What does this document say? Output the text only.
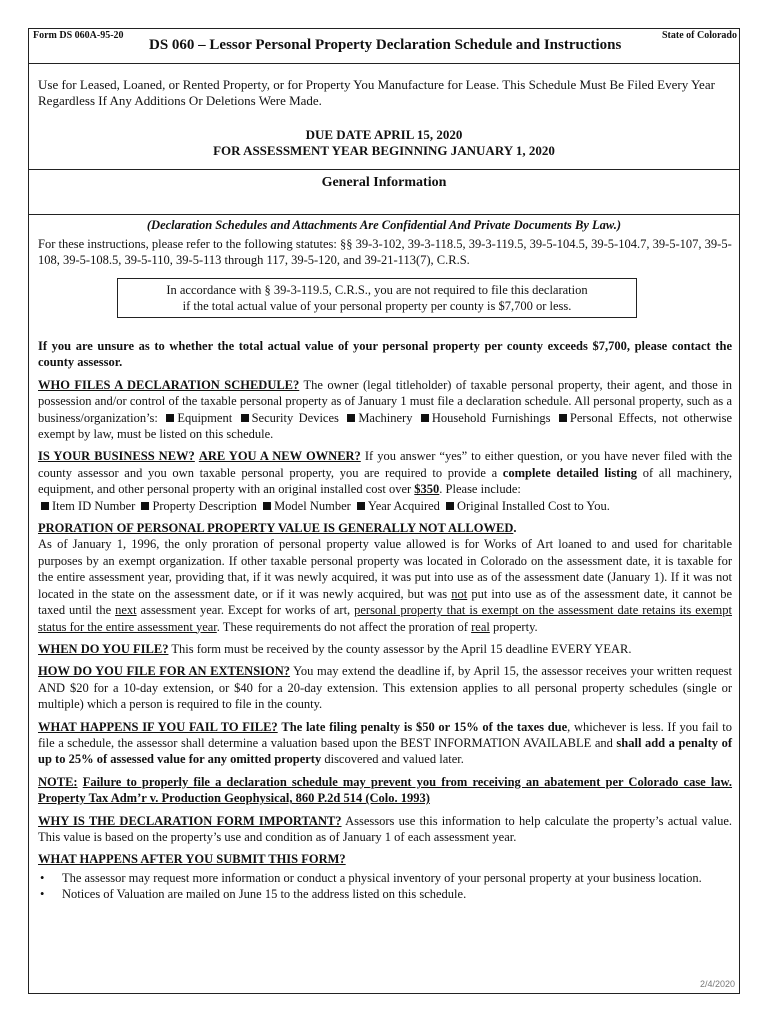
Form DS 060A-95-20
DS 060 – Lessor Personal Property Declaration Schedule and Instructions
State of Colorado
Use for Leased, Loaned, or Rented Property, or for Property You Manufacture for Lease. This Schedule Must Be Filed Every Year Regardless If Any Additions Or Deletions Were Made.
DUE DATE APRIL 15, 2020
FOR ASSESSMENT YEAR BEGINNING JANUARY 1, 2020
General Information
(Declaration Schedules and Attachments Are Confidential And Private Documents By Law.)
For these instructions, please refer to the following statutes: §§ 39-3-102, 39-3-118.5, 39-3-119.5, 39-5-104.5, 39-5-104.7, 39-5-107, 39-5-108, 39-5-108.5, 39-5-110, 39-5-113 through 117, 39-5-120, and 39-21-113(7), C.R.S.
In accordance with § 39-3-119.5, C.R.S., you are not required to file this declaration
if the total actual value of your personal property per county is $7,700 or less.

If you are unsure as to whether the total actual value of your personal property per county exceeds $7,700, please contact the county assessor.

WHO FILES A DECLARATION SCHEDULE? The owner (legal titleholder) of taxable personal property, their agent, and those in possession and/or control of the taxable personal property as of January 1 must file a declaration schedule. All personal property, such as a business/organization’s: Equipment Security Devices Machinery Household Furnishings Personal Effects, not otherwise exempt by law, must be listed on this schedule.

IS YOUR BUSINESS NEW? ARE YOU A NEW OWNER? If you answer “yes” to either question, or you have never filed with the county assessor and you own taxable personal property, you are required to provide a complete detailed listing of all machinery, equipment, and other personal property with an original installed cost over $350. Please include:
Item ID Number Property Description Model Number Year Acquired Original Installed Cost to You.

PRORATION OF PERSONAL PROPERTY VALUE IS GENERALLY NOT ALLOWED.
As of January 1, 1996, the only proration of personal property value allowed is for Works of Art loaned to and used for charitable purposes by an exempt organization. If other taxable personal property was located in Colorado on the assessment date, it is taxable for the entire assessment year, providing that, if it was newly acquired, it was put into use as of the assessment date (January 1). If it was not located in the state on the assessment date, or if it was newly acquired, but was not put into use as of the assessment date, it cannot be taxed until the next assessment year. Except for works of art, personal property that is exempt on the assessment date retains its exempt status for the entire assessment year. These requirements do not affect the proration of real property.

WHEN DO YOU FILE? This form must be received by the county assessor by the April 15 deadline EVERY YEAR.

HOW DO YOU FILE FOR AN EXTENSION? You may extend the deadline if, by April 15, the assessor receives your written request AND $20 for a 10-day extension, or $40 for a 20-day extension. This extension applies to all personal property schedules (single or multiple) which a person is required to file in the county.

WHAT HAPPENS IF YOU FAIL TO FILE? The late filing penalty is $50 or 15% of the taxes due, whichever is less. If you fail to file a schedule, the assessor shall determine a valuation based upon the BEST INFORMATION AVAILABLE and shall add a penalty of up to 25% of assessed value for any omitted property discovered and valued later.

NOTE: Failure to properly file a declaration schedule may prevent you from receiving an abatement per Colorado case law. Property Tax Adm’r v. Production Geophysical, 860 P.2d 514 (Colo. 1993)

WHY IS THE DECLARATION FORM IMPORTANT? Assessors use this information to help calculate the property’s actual value. This value is based on the property’s use and condition as of January 1 of each assessment year.

WHAT HAPPENS AFTER YOU SUBMIT THIS FORM?

• The assessor may request more information or conduct a physical inventory of your personal property at your business location.
• Notices of Valuation are mailed on June 15 to the address listed on this schedule.
2/4/2020
